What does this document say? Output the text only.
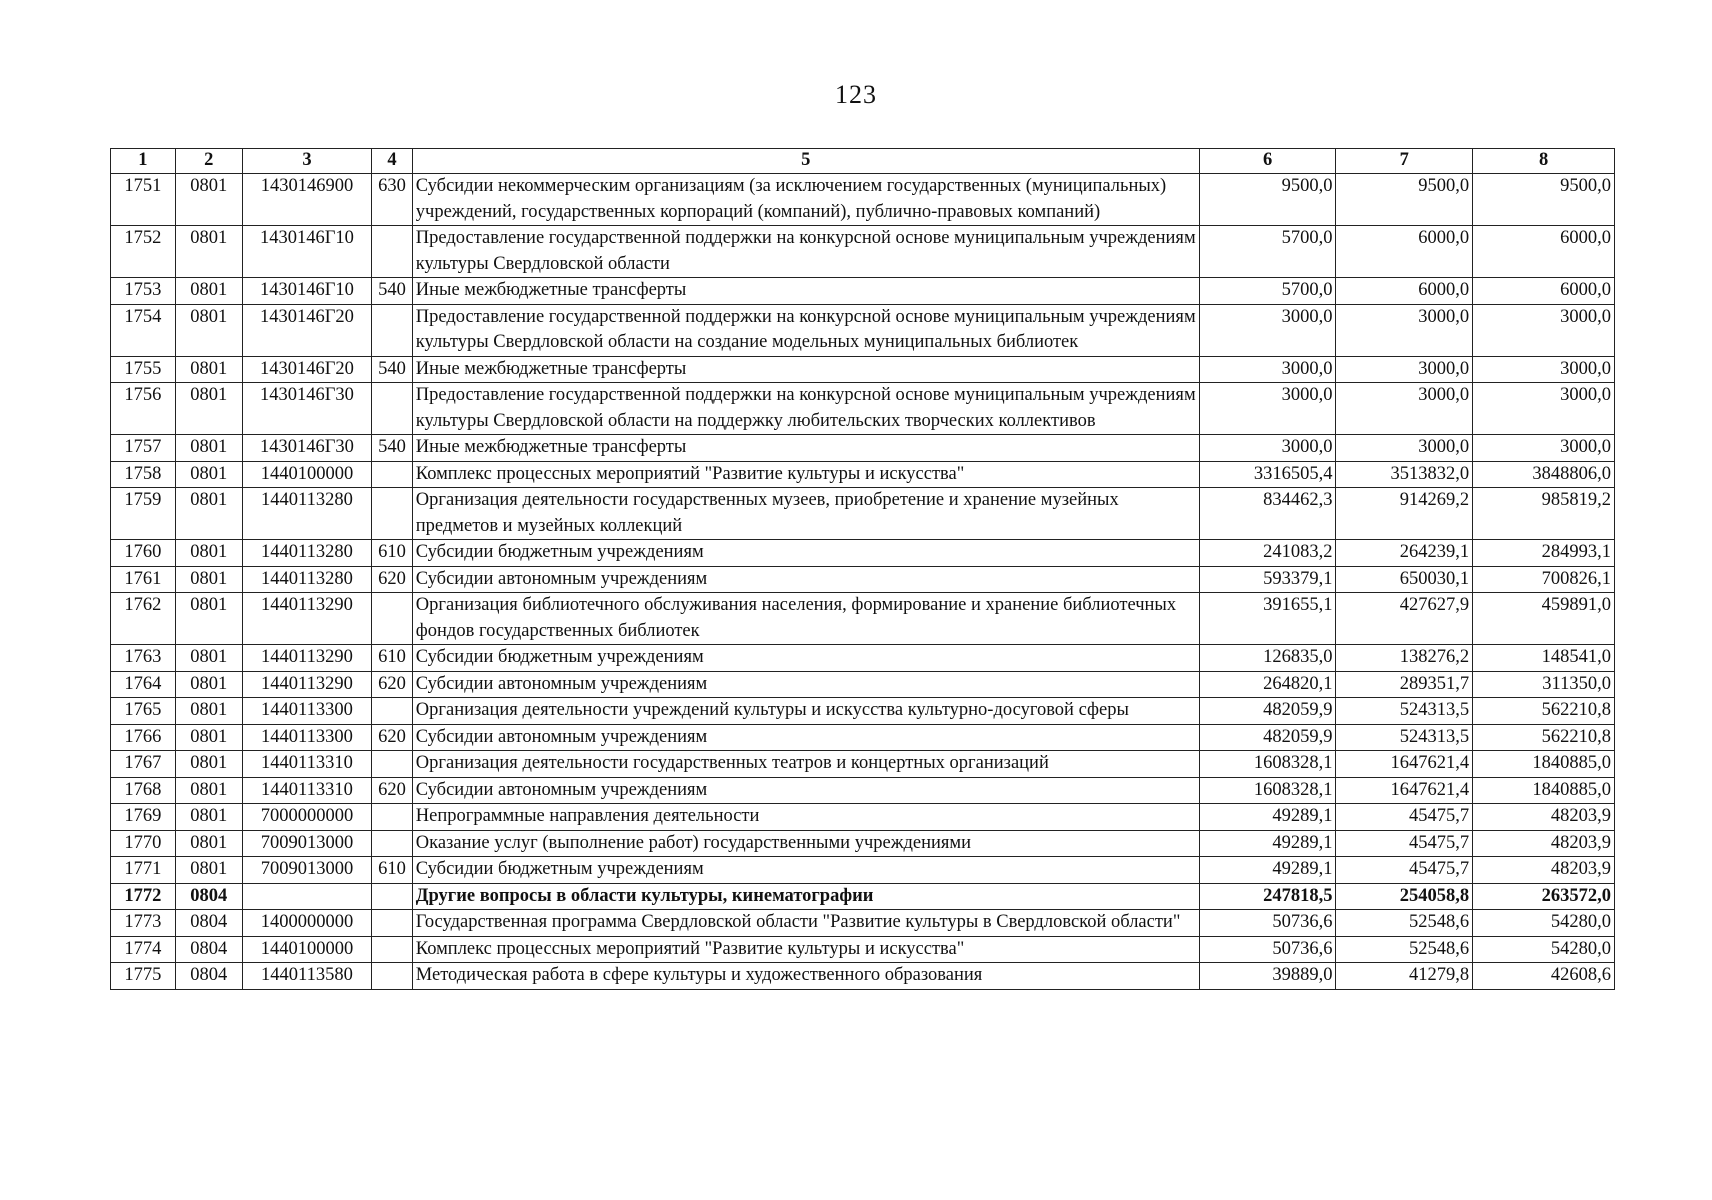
123
1	2	3	4	5	6	7	8
1751	0801	1430146900	630	Субсидии некоммерческим организациям (за исключением государственных (муниципальных) учреждений, государственных корпораций (компаний), публично-правовых компаний)	9500,0	9500,0	9500,0
1752	0801	1430146Г10		Предоставление государственной поддержки на конкурсной основе муниципальным учреждениям культуры Свердловской области	5700,0	6000,0	6000,0
1753	0801	1430146Г10	540	Иные межбюджетные трансферты	5700,0	6000,0	6000,0
1754	0801	1430146Г20		Предоставление государственной поддержки на конкурсной основе муниципальным учреждениям культуры Свердловской области на создание модельных муниципальных библиотек	3000,0	3000,0	3000,0
1755	0801	1430146Г20	540	Иные межбюджетные трансферты	3000,0	3000,0	3000,0
1756	0801	1430146Г30		Предоставление государственной поддержки на конкурсной основе муниципальным учреждениям культуры Свердловской области на поддержку любительских творческих коллективов	3000,0	3000,0	3000,0
1757	0801	1430146Г30	540	Иные межбюджетные трансферты	3000,0	3000,0	3000,0
1758	0801	1440100000		Комплекс процессных мероприятий "Развитие культуры и искусства"	3316505,4	3513832,0	3848806,0
1759	0801	1440113280		Организация деятельности государственных музеев, приобретение и хранение музейных предметов и музейных коллекций	834462,3	914269,2	985819,2
1760	0801	1440113280	610	Субсидии бюджетным учреждениям	241083,2	264239,1	284993,1
1761	0801	1440113280	620	Субсидии автономным учреждениям	593379,1	650030,1	700826,1
1762	0801	1440113290		Организация библиотечного обслуживания населения, формирование и хранение библиотечных фондов государственных библиотек	391655,1	427627,9	459891,0
1763	0801	1440113290	610	Субсидии бюджетным учреждениям	126835,0	138276,2	148541,0
1764	0801	1440113290	620	Субсидии автономным учреждениям	264820,1	289351,7	311350,0
1765	0801	1440113300		Организация деятельности учреждений культуры и искусства культурно-досуговой сферы	482059,9	524313,5	562210,8
1766	0801	1440113300	620	Субсидии автономным учреждениям	482059,9	524313,5	562210,8
1767	0801	1440113310		Организация деятельности государственных театров и концертных организаций	1608328,1	1647621,4	1840885,0
1768	0801	1440113310	620	Субсидии автономным учреждениям	1608328,1	1647621,4	1840885,0
1769	0801	7000000000		Непрограммные направления деятельности	49289,1	45475,7	48203,9
1770	0801	7009013000		Оказание услуг (выполнение работ) государственными учреждениями	49289,1	45475,7	48203,9
1771	0801	7009013000	610	Субсидии бюджетным учреждениям	49289,1	45475,7	48203,9
1772	0804			Другие вопросы в области культуры, кинематографии	247818,5	254058,8	263572,0
1773	0804	1400000000		Государственная программа Свердловской области "Развитие культуры в Свердловской области"	50736,6	52548,6	54280,0
1774	0804	1440100000		Комплекс процессных мероприятий "Развитие культуры и искусства"	50736,6	52548,6	54280,0
1775	0804	1440113580		Методическая работа в сфере культуры и художественного образования	39889,0	41279,8	42608,6
